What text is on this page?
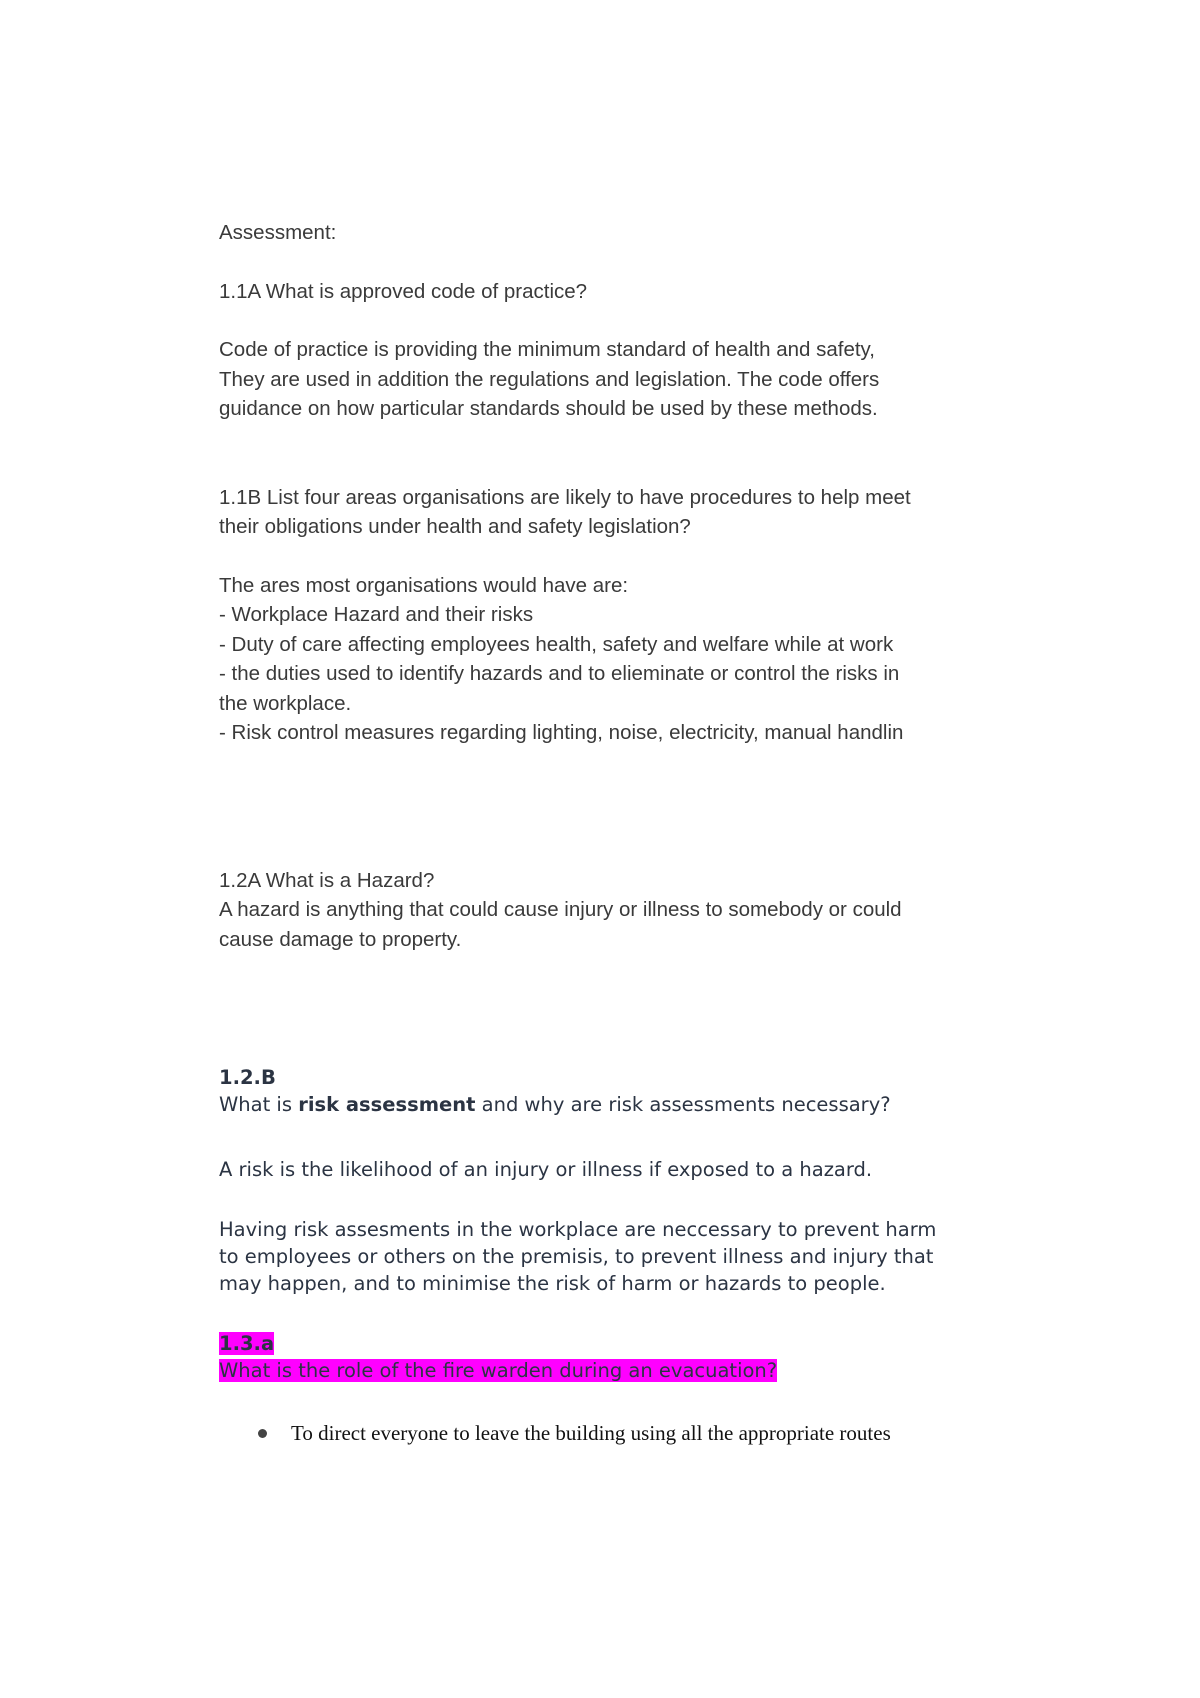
Assessment:

1.1A What is approved code of practice?

Code of practice is providing the minimum standard of health and safety,
They are used in addition the regulations and legislation. The code offers
guidance on how particular standards should be used by these methods.
1.1B List four areas organisations are likely to have procedures to help meet
their obligations under health and safety legislation?
The ares most organisations would have are:
- Workplace Hazard and their risks
- Duty of care affecting employees health, safety and welfare while at work
- the duties used to identify hazards and to elieminate or control the risks in
the workplace.
- Risk control measures regarding lighting, noise, electricity, manual handlin
1.2A What is a Hazard?
A hazard is anything that could cause injury or illness to somebody or could
cause damage to property.
1.2.B
What is risk assessment and why are risk assessments necessary?
A risk is the likelihood of an injury or illness if exposed to a hazard.
Having risk assesments in the workplace are neccessary to prevent harm
to employees or others on the premisis, to prevent illness and injury that
may happen, and to minimise the risk of harm or hazards to people.
1.3.a
What is the role of the fire warden during an evacuation?
To direct everyone to leave the building using all the appropriate routes
